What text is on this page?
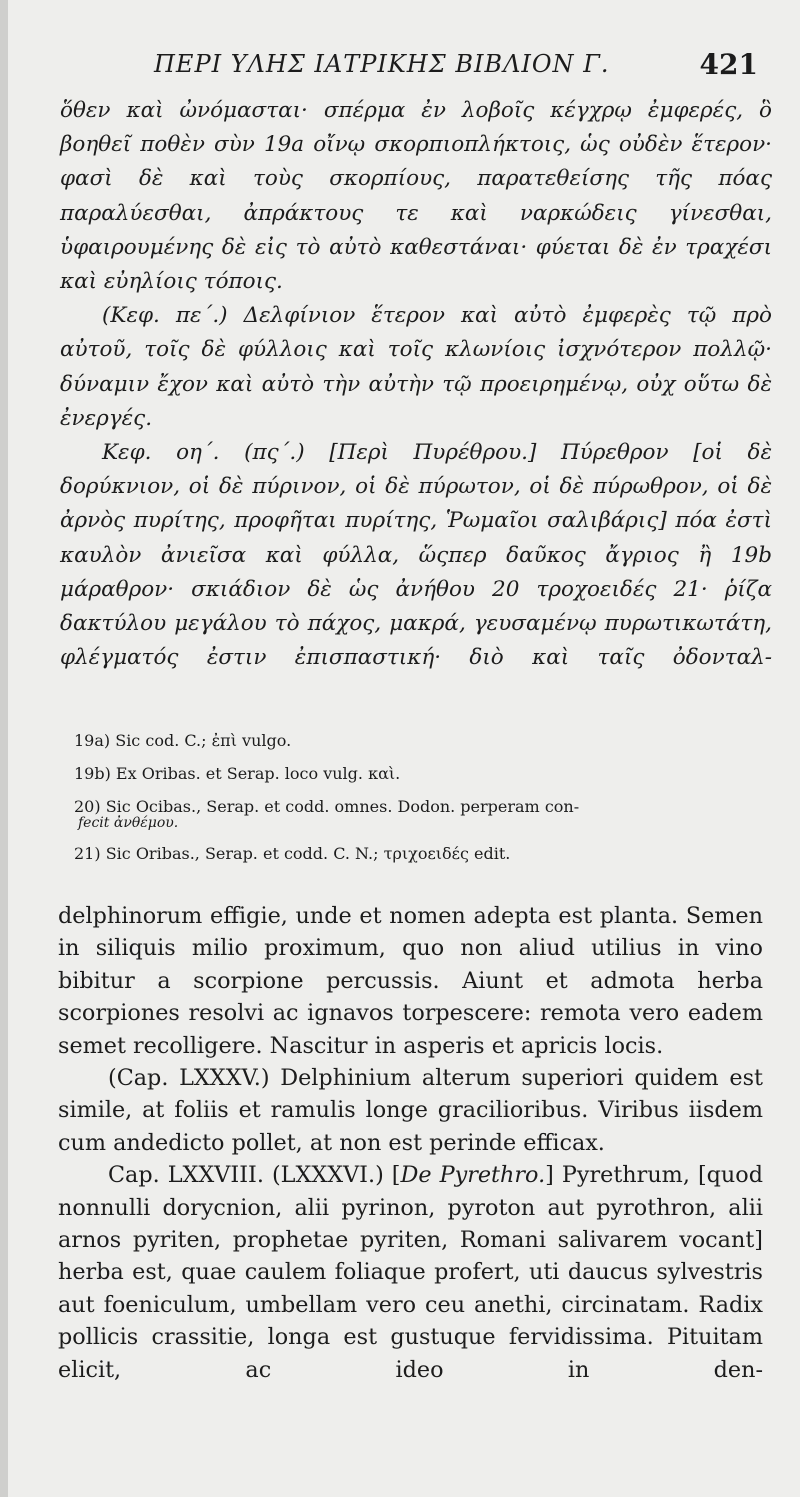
ΠΕΡΙ ΥΛΗΣ ΙΑΤΡΙΚΗΣ ΒΙΒΛΙΟΝ Γ.	421

ὅθεν καὶ ὠνόμασται· σπέρμα ἐν λοβοῖς κέγχρῳ ἐμφερές, ὃ βοηθεῖ ποθὲν σὺν 19a οἴνῳ σκορπιοπλήκτοις, ὡς οὐδὲν ἕτερον· φασὶ δὲ καὶ τοὺς σκορπίους, παρατεθείσης τῆς πόας παραλύεσθαι, ἀπράκτους τε καὶ ναρκώδεις γίνεσθαι, ὑφαιρουμένης δὲ εἰς τὸ αὐτὸ καθεστάναι· φύεται δὲ ἐν τραχέσι καὶ εὐηλίοις τόποις.

(Κεφ. πε΄.) Δελφίνιον ἕτερον καὶ αὐτὸ ἐμφερὲς τῷ πρὸ αὐτοῦ, τοῖς δὲ φύλλοις καὶ τοῖς κλωνίοις ἰσχνότερον πολλῷ· δύναμιν ἔχον καὶ αὐτὸ τὴν αὐτὴν τῷ προειρημένῳ, οὐχ οὕτω δὲ ἐνεργές.

Κεφ. οη΄. (πς΄.) [Περὶ Πυρέθρου.] Πύρεθρον [οἱ δὲ δορύκνιον, οἱ δὲ πύρινον, οἱ δὲ πύρωτον, οἱ δὲ πύρωθρον, οἱ δὲ ἀρνὸς πυρίτης, προφῆται πυρίτης, Ῥωμαῖοι σαλιβάρις] πόα ἐστὶ καυλὸν ἀνιεῖσα καὶ φύλλα, ὥςπερ δαῦκος ἄγριος ἢ 19b μάραθρον· σκιάδιον δὲ ὡς ἀνήθου 20 τροχοειδές 21· ῥίζα δακτύλου μεγάλου τὸ πάχος, μακρά, γευσαμένῳ πυρωτικωτάτη, φλέγματός ἐστιν ἐπισπαστική· διὸ καὶ ταῖς ὀδονταλ-

19a) Sic cod. C.; ἐπὶ vulgo.
19b) Ex Oribas. et Serap. loco vulg. καὶ.
20) Sic Ocibas., Serap. et codd. omnes. Dodon. perperam con-
fecit ἀνθέμου.
21) Sic Oribas., Serap. et codd. C. N.; τριχοειδές edit.

delphinorum effigie, unde et nomen adepta est planta. Semen in siliquis milio proximum, quo non aliud utilius in vino bibitur a scorpione percussis. Aiunt et admota herba scorpiones resolvi ac ignavos torpescere: remota vero eadem semet recolligere. Nascitur in asperis et apricis locis.

(Cap. LXXXV.) Delphinium alterum superiori quidem est simile, at foliis et ramulis longe gracilioribus. Viribus iisdem cum andedicto pollet, at non est perinde efficax.

Cap. LXXVIII. (LXXXVI.) [De Pyrethro.] Pyrethrum, [quod nonnulli dorycnion, alii pyrinon, pyroton aut pyrothron, alii arnos pyriten, prophetae pyriten, Romani salivarem vocant] herba est, quae caulem foliaque profert, uti daucus sylvestris aut foeniculum, umbellam vero ceu anethi, circinatam. Radix pollicis crassitie, longa est gustuque fervidissima. Pituitam elicit, ac ideo in den-
